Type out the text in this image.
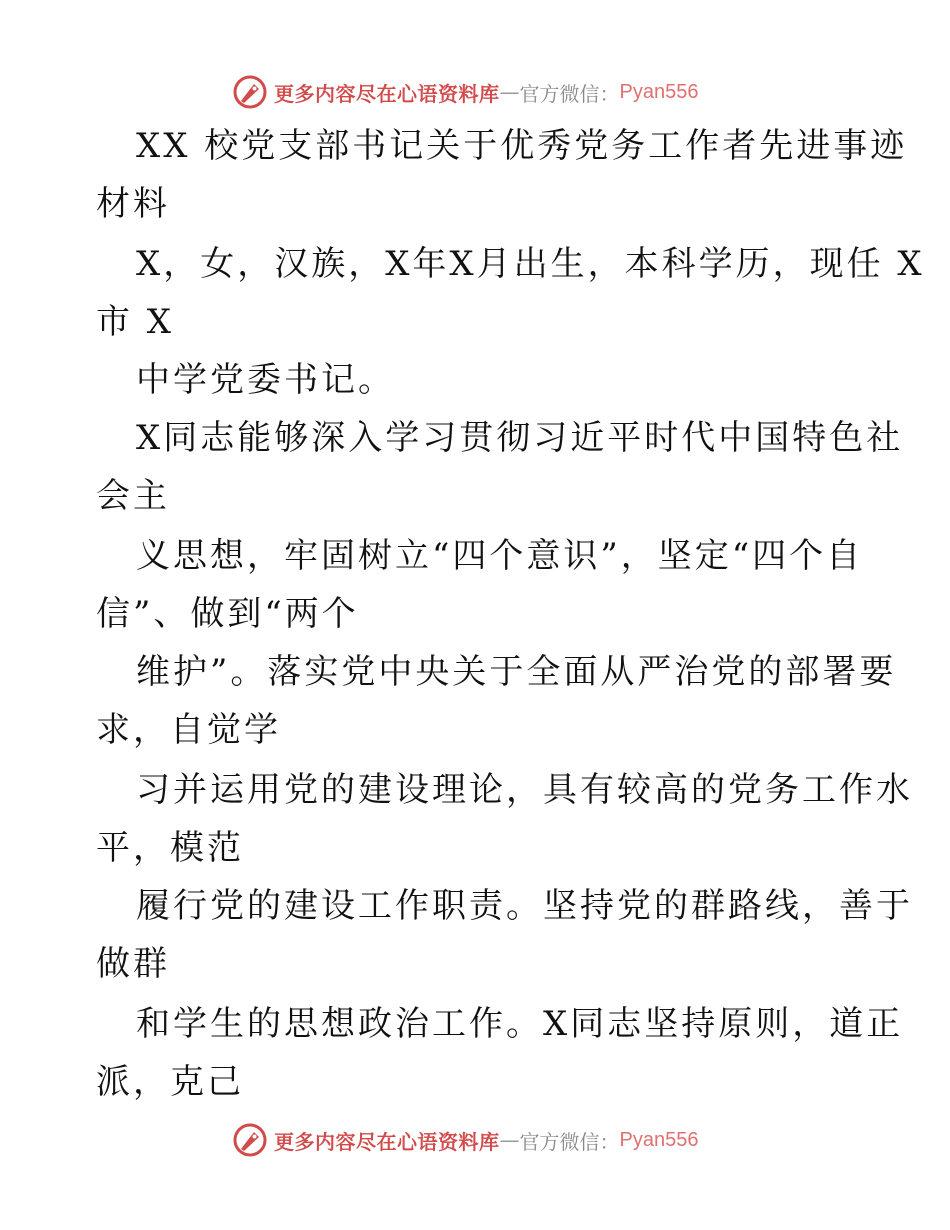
更多内容尽在心语资料库 — 官方微信： Pyan556
XX 校党支部书记关于优秀党务工作者先进事迹
材料
X，女，汉族，X年X月出生，本科学历，现任 X
市 X
中学党委书记。
X同志能够深入学习贯彻习近平时代中国特色社
会主
义思想，牢固树立“四个意识”，坚定“四个自
信”、做到“两个
维护”。落实党中央关于全面从严治党的部署要
求，自觉学
习并运用党的建设理论，具有较高的党务工作水
平，模范
履行党的建设工作职责。坚持党的群路线，善于
做群
和学生的思想政治工作。X同志坚持原则，道正
派，克己
更多内容尽在心语资料库 — 官方微信： Pyan556
